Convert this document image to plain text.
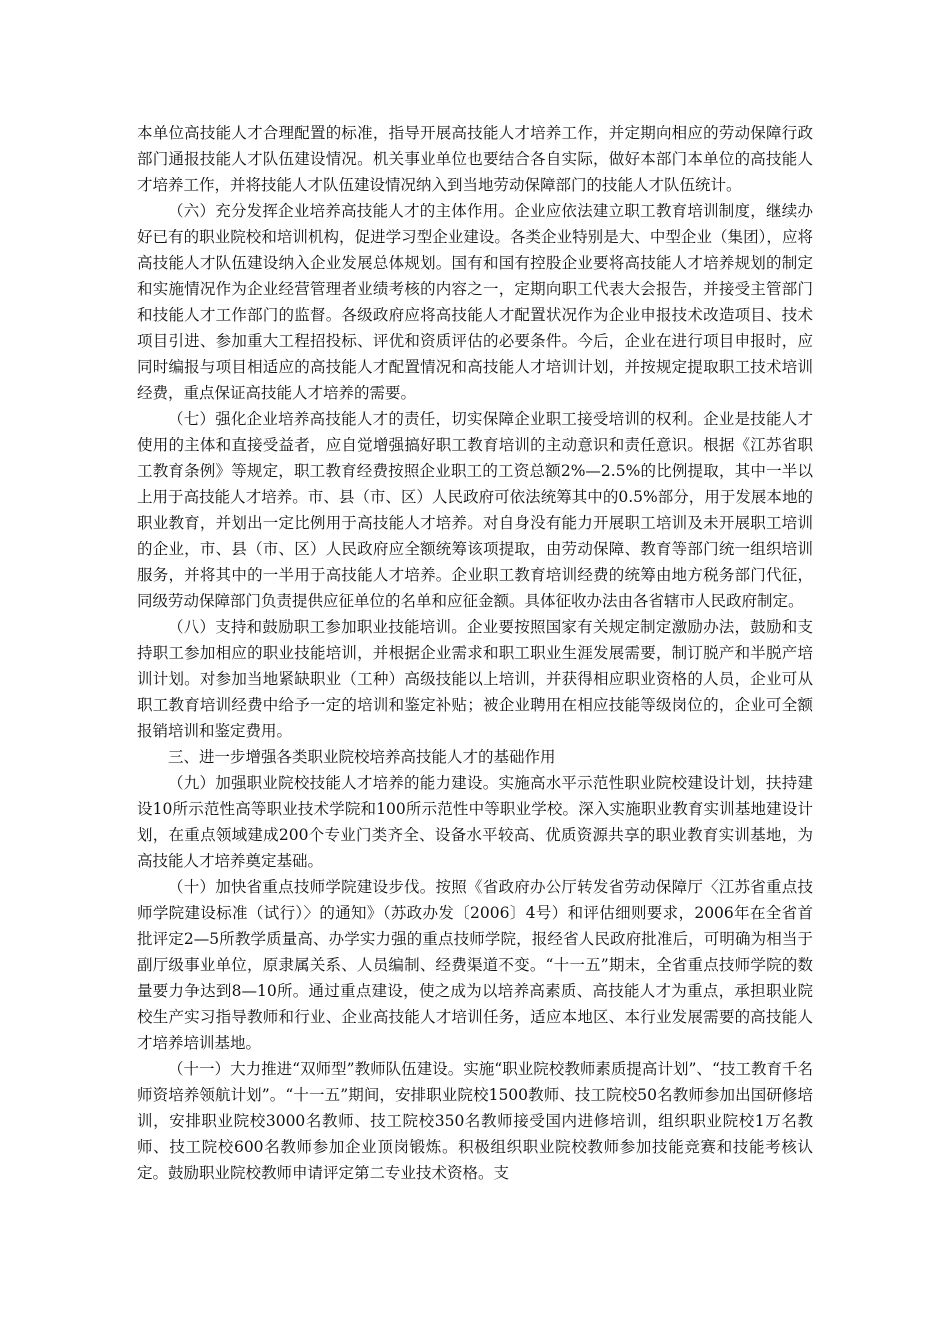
本单位高技能人才合理配置的标准，指导开展高技能人才培养工作，并定期向相应的劳动保障行政部门通报技能人才队伍建设情况。机关事业单位也要结合各自实际，做好本部门本单位的高技能人才培养工作，并将技能人才队伍建设情况纳入到当地劳动保障部门的技能人才队伍统计。

（六）充分发挥企业培养高技能人才的主体作用。企业应依法建立职工教育培训制度，继续办好已有的职业院校和培训机构，促进学习型企业建设。各类企业特别是大、中型企业（集团），应将高技能人才队伍建设纳入企业发展总体规划。国有和国有控股企业要将高技能人才培养规划的制定和实施情况作为企业经营管理者业绩考核的内容之一，定期向职工代表大会报告，并接受主管部门和技能人才工作部门的监督。各级政府应将高技能人才配置状况作为企业申报技术改造项目、技术项目引进、参加重大工程招投标、评优和资质评估的必要条件。今后，企业在进行项目申报时，应同时编报与项目相适应的高技能人才配置情况和高技能人才培训计划，并按规定提取职工技术培训经费，重点保证高技能人才培养的需要。

（七）强化企业培养高技能人才的责任，切实保障企业职工接受培训的权利。企业是技能人才使用的主体和直接受益者，应自觉增强搞好职工教育培训的主动意识和责任意识。根据《江苏省职工教育条例》等规定，职工教育经费按照企业职工的工资总额2%—2.5%的比例提取，其中一半以上用于高技能人才培养。市、县（市、区）人民政府可依法统筹其中的0.5%部分，用于发展本地的职业教育，并划出一定比例用于高技能人才培养。对自身没有能力开展职工培训及未开展职工培训的企业，市、县（市、区）人民政府应全额统筹该项提取，由劳动保障、教育等部门统一组织培训服务，并将其中的一半用于高技能人才培养。企业职工教育培训经费的统筹由地方税务部门代征，同级劳动保障部门负责提供应征单位的名单和应征金额。具体征收办法由各省辖市人民政府制定。

（八）支持和鼓励职工参加职业技能培训。企业要按照国家有关规定制定激励办法，鼓励和支持职工参加相应的职业技能培训，并根据企业需求和职工职业生涯发展需要，制订脱产和半脱产培训计划。对参加当地紧缺职业（工种）高级技能以上培训，并获得相应职业资格的人员，企业可从职工教育培训经费中给予一定的培训和鉴定补贴；被企业聘用在相应技能等级岗位的，企业可全额报销培训和鉴定费用。

三、进一步增强各类职业院校培养高技能人才的基础作用

（九）加强职业院校技能人才培养的能力建设。实施高水平示范性职业院校建设计划，扶持建设10所示范性高等职业技术学院和100所示范性中等职业学校。深入实施职业教育实训基地建设计划，在重点领域建成200个专业门类齐全、设备水平较高、优质资源共享的职业教育实训基地，为高技能人才培养奠定基础。

（十）加快省重点技师学院建设步伐。按照《省政府办公厅转发省劳动保障厅〈江苏省重点技师学院建设标准（试行）〉的通知》（苏政办发〔2006〕4号）和评估细则要求，2006年在全省首批评定2—5所教学质量高、办学实力强的重点技师学院，报经省人民政府批准后，可明确为相当于副厅级事业单位，原隶属关系、人员编制、经费渠道不变。“十一五”期末，全省重点技师学院的数量要力争达到8—10所。通过重点建设，使之成为以培养高素质、高技能人才为重点，承担职业院校生产实习指导教师和行业、企业高技能人才培训任务，适应本地区、本行业发展需要的高技能人才培养培训基地。

（十一）大力推进“双师型”教师队伍建设。实施“职业院校教师素质提高计划”、“技工教育千名师资培养领航计划”。“十一五”期间，安排职业院校1500教师、技工院校50名教师参加出国研修培训，安排职业院校3000名教师、技工院校350名教师接受国内进修培训，组织职业院校1万名教师、技工院校600名教师参加企业顶岗锻炼。积极组织职业院校教师参加技能竞赛和技能考核认定。鼓励职业院校教师申请评定第二专业技术资格。支
